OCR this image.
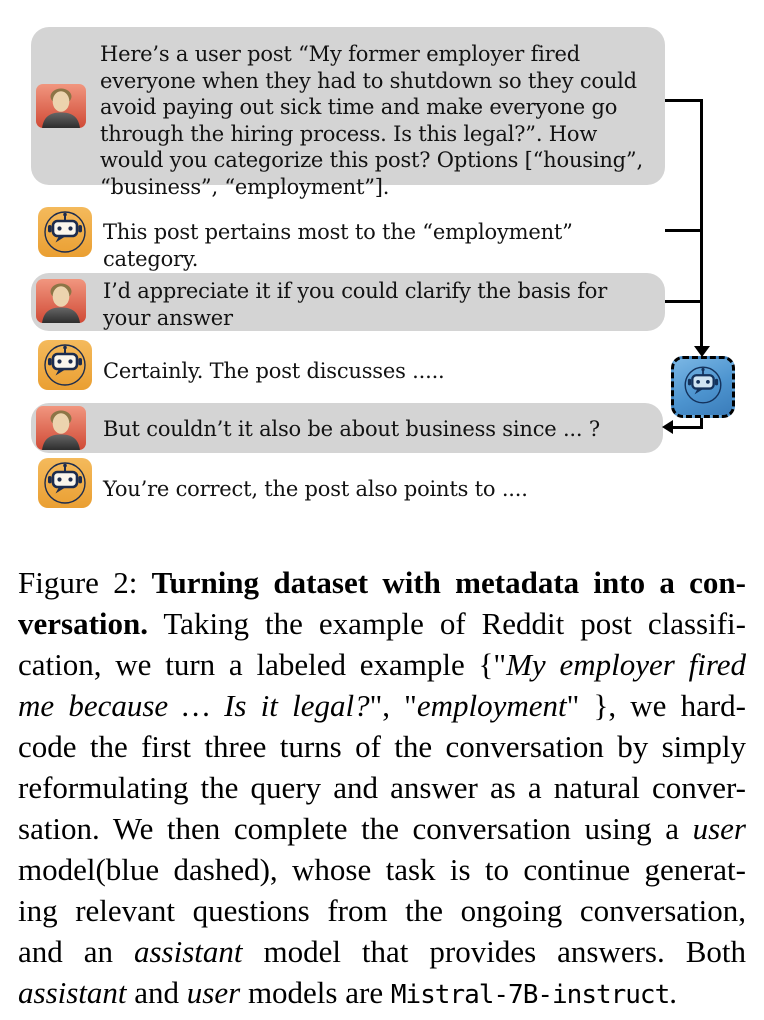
Here’s a user post “My former employer fired everyone when they had to shutdown so they could avoid paying out sick time and make everyone go through the hiring process. Is this legal?”. How would you categorize this post? Options [“housing”, “business”, “employment”].
This post pertains most to the “employment” category.
I’d appreciate it if you could clarify the basis for your answer
Certainly. The post discusses .....
But couldn’t it also be about business since ... ?
You’re correct, the post also points to ....
Figure 2: Turning dataset with metadata into a con-
versation. Taking the example of Reddit post classifi-
cation, we turn a labeled example {"My employer fired
me because … Is it legal?", "employment" }, we hard-
code the first three turns of the conversation by simply
reformulating the query and answer as a natural conver-
sation. We then complete the conversation using a user
model(blue dashed), whose task is to continue generat-
ing relevant questions from the ongoing conversation,
and an assistant model that provides answers. Both
assistant and user models are Mistral-7B-instruct.
